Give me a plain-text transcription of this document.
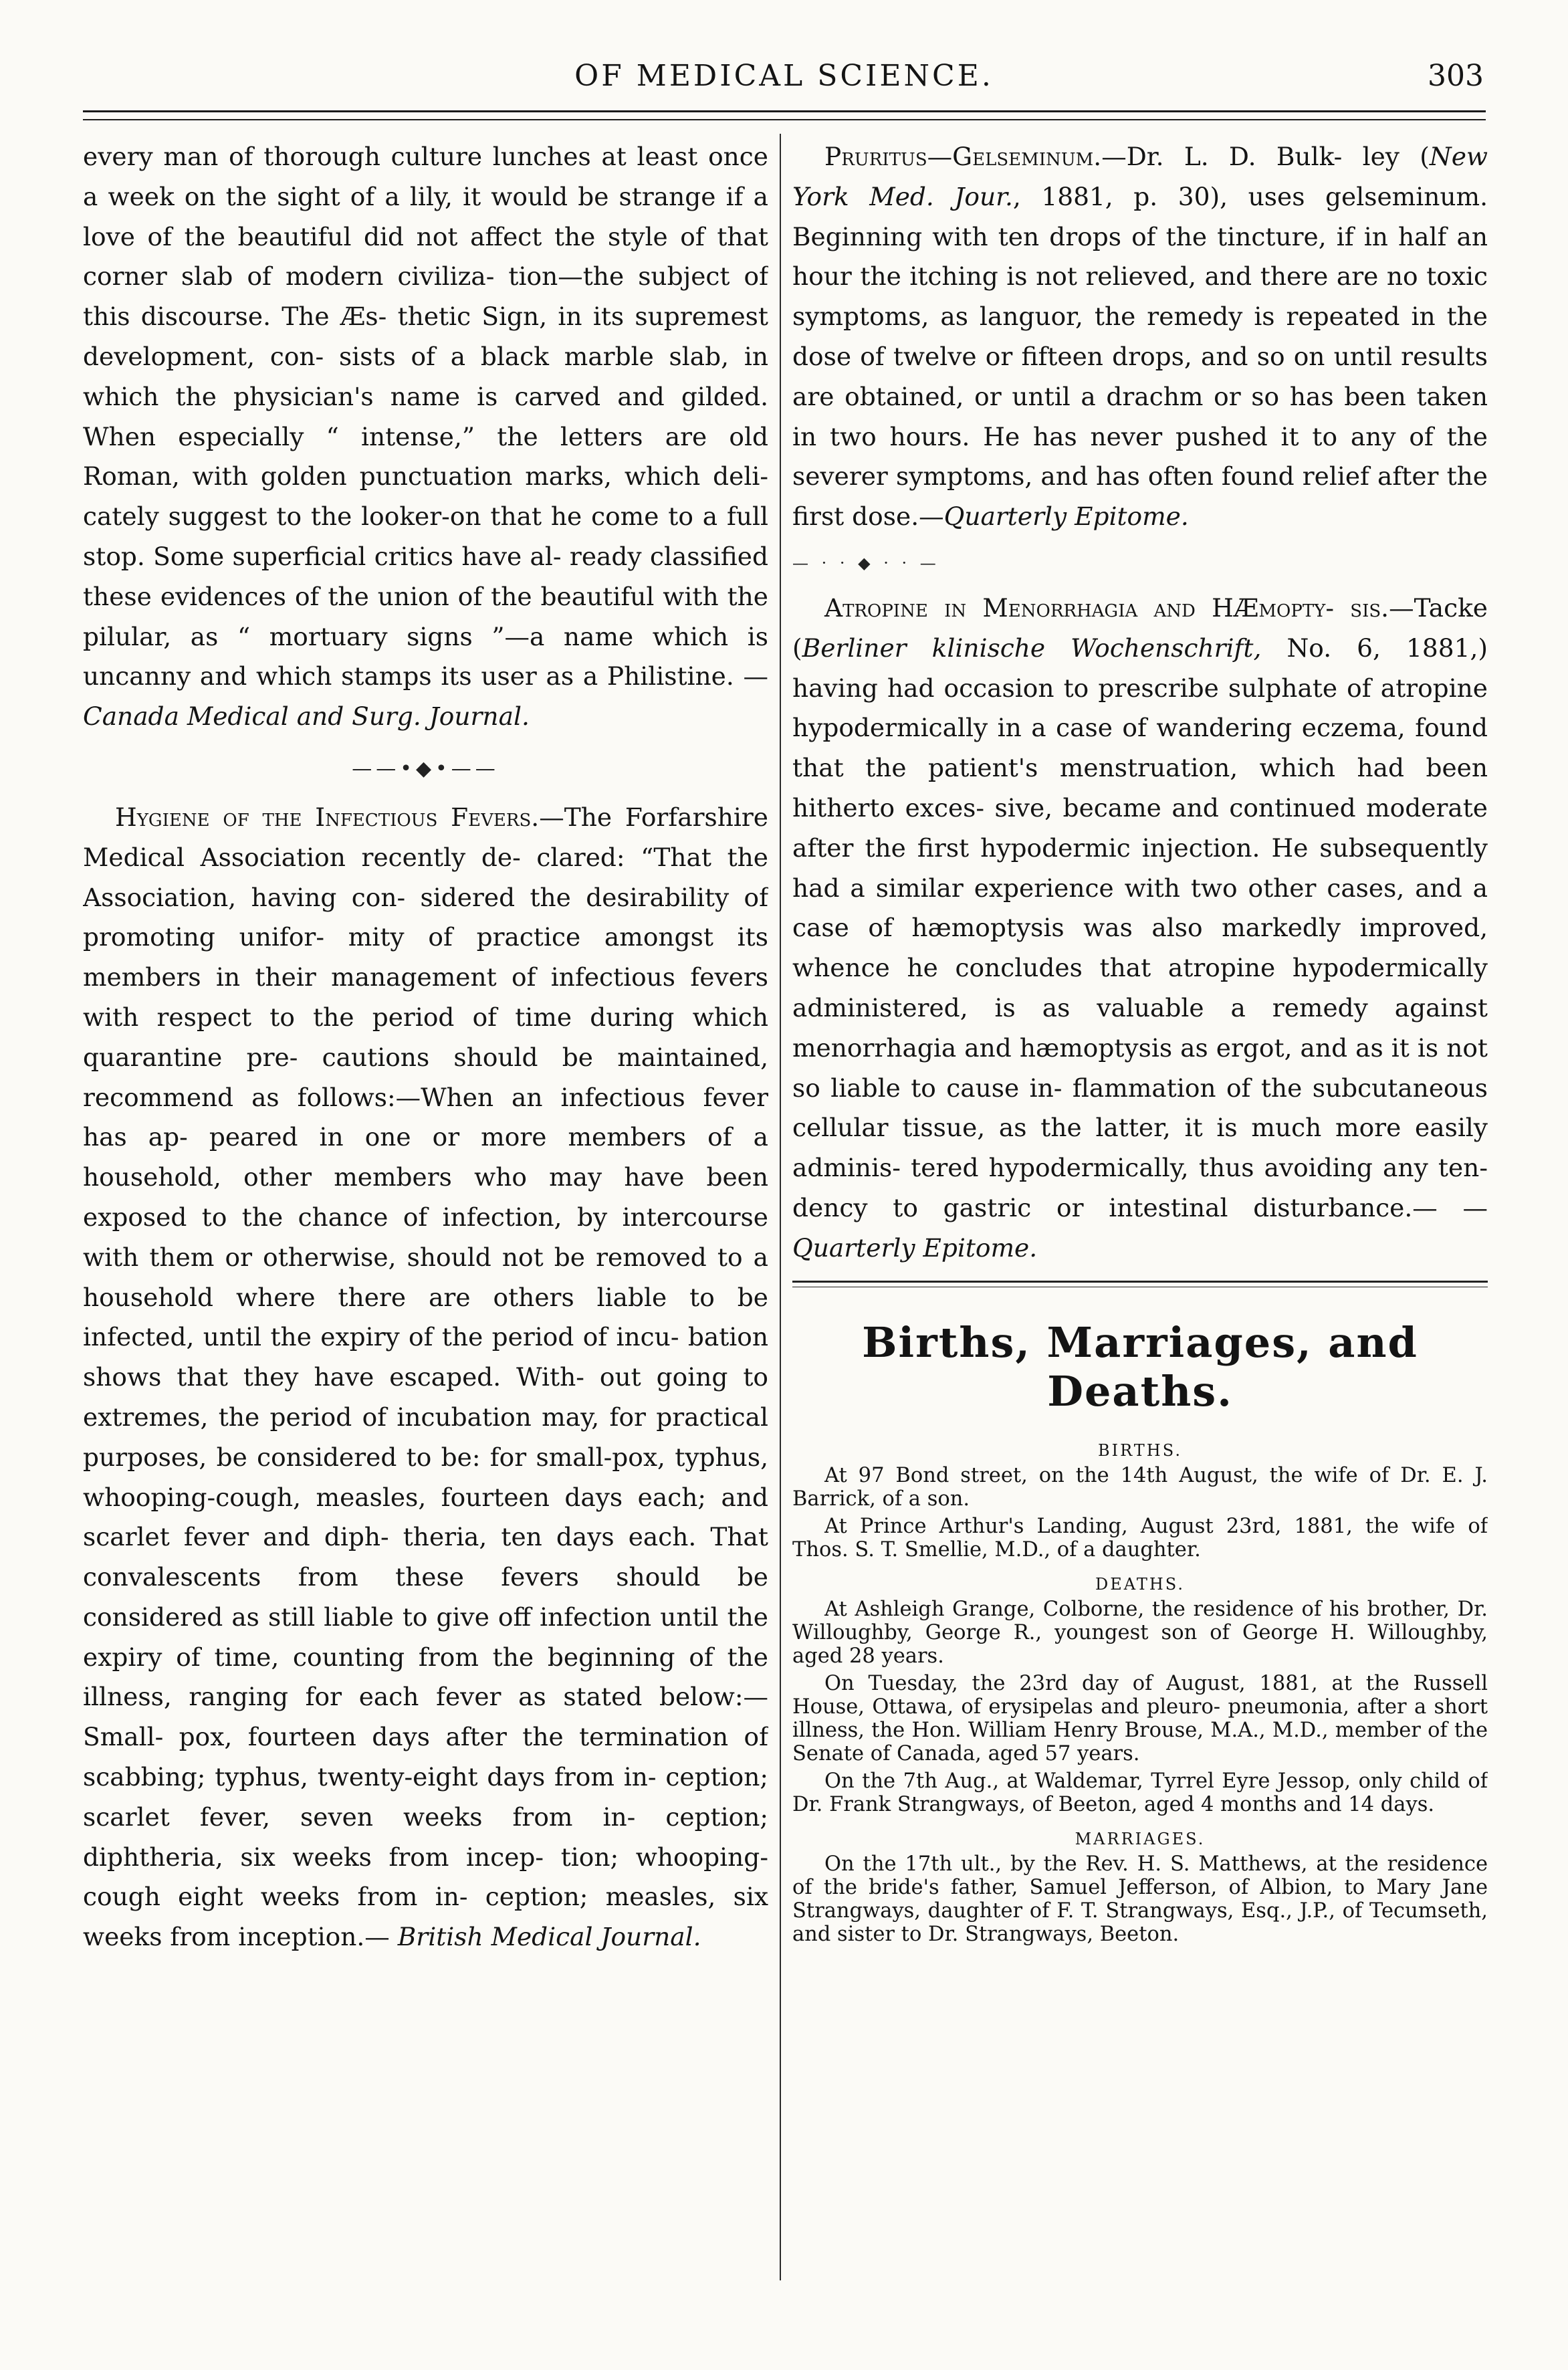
OF MEDICAL SCIENCE.	303

every man of thorough culture lunches at least once a week on the sight of a lily, it would be strange if a love of the beautiful did not affect the style of that corner slab of modern civiliza- tion—the subject of this discourse. The Æs- thetic Sign, in its supremest development, con- sists of a black marble slab, in which the physician's name is carved and gilded. When especially “ intense,” the letters are old Roman, with golden punctuation marks, which deli- cately suggest to the looker-on that he come to a full stop. Some superficial critics have al- ready classified these evidences of the union of the beautiful with the pilular, as “ mortuary signs ”—a name which is uncanny and which stamps its user as a Philistine. — Canada Medical and Surg. Journal.

——•◆•——

Hygiene of the Infectious Fevers.—The Forfarshire Medical Association recently de- clared: “That the Association, having con- sidered the desirability of promoting unifor- mity of practice amongst its members in their management of infectious fevers with respect to the period of time during which quarantine pre- cautions should be maintained, recommend as follows:—When an infectious fever has ap- peared in one or more members of a household, other members who may have been exposed to the chance of infection, by intercourse with them or otherwise, should not be removed to a household where there are others liable to be infected, until the expiry of the period of incu- bation shows that they have escaped. With- out going to extremes, the period of incubation may, for practical purposes, be considered to be: for small-pox, typhus, whooping-cough, measles, fourteen days each; and scarlet fever and diph- theria, ten days each. That convalescents from these fevers should be considered as still liable to give off infection until the expiry of time, counting from the beginning of the illness, ranging for each fever as stated below:—Small- pox, fourteen days after the termination of scabbing; typhus, twenty-eight days from in- ception; scarlet fever, seven weeks from in- ception; diphtheria, six weeks from incep- tion; whooping-cough eight weeks from in- ception; measles, six weeks from inception.— British Medical Journal.

Pruritus—Gelseminum.—Dr. L. D. Bulk- ley (New York Med. Jour., 1881, p. 30), uses gelseminum. Beginning with ten drops of the tincture, if in half an hour the itching is not relieved, and there are no toxic symptoms, as languor, the remedy is repeated in the dose of twelve or fifteen drops, and so on until results are obtained, or until a drachm or so has been taken in two hours. He has never pushed it to any of the severer symptoms, and has often found relief after the first dose.—Quarterly Epitome.

— · · ◆ · · —

Atropine in Menorrhagia and HÆmopty- sis.—Tacke (Berliner klinische Wochenschrift, No. 6, 1881,) having had occasion to prescribe sulphate of atropine hypodermically in a case of wandering eczema, found that the patient's menstruation, which had been hitherto exces- sive, became and continued moderate after the first hypodermic injection. He subsequently had a similar experience with two other cases, and a case of hæmoptysis was also markedly improved, whence he concludes that atropine hypodermically administered, is as valuable a remedy against menorrhagia and hæmoptysis as ergot, and as it is not so liable to cause in- flammation of the subcutaneous cellular tissue, as the latter, it is much more easily adminis- tered hypodermically, thus avoiding any ten- dency to gastric or intestinal disturbance.— —Quarterly Epitome.

Births, Marriages, and Deaths.
BIRTHS.

At 97 Bond street, on the 14th August, the wife of Dr. E. J. Barrick, of a son.

At Prince Arthur's Landing, August 23rd, 1881, the wife of Thos. S. T. Smellie, M.D., of a daughter.

DEATHS.

At Ashleigh Grange, Colborne, the residence of his brother, Dr. Willoughby, George R., youngest son of George H. Willoughby, aged 28 years.

On Tuesday, the 23rd day of August, 1881, at the Russell House, Ottawa, of erysipelas and pleuro- pneumonia, after a short illness, the Hon. William Henry Brouse, M.A., M.D., member of the Senate of Canada, aged 57 years.

On the 7th Aug., at Waldemar, Tyrrel Eyre Jessop, only child of Dr. Frank Strangways, of Beeton, aged 4 months and 14 days.

MARRIAGES.

On the 17th ult., by the Rev. H. S. Matthews, at the residence of the bride's father, Samuel Jefferson, of Albion, to Mary Jane Strangways, daughter of F. T. Strangways, Esq., J.P., of Tecumseth, and sister to Dr. Strangways, Beeton.
